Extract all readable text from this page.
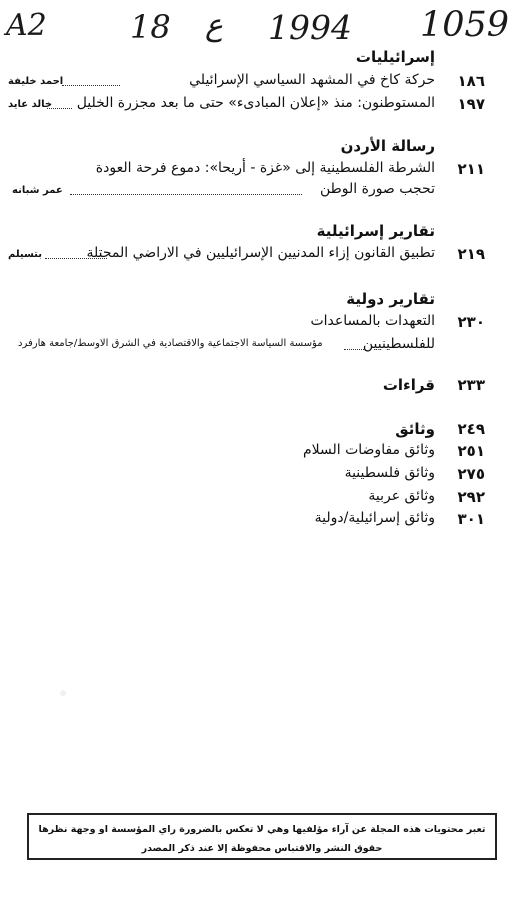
A2	18 ع 1994 1059
إسرائيليات
١٨٦
حركة كاخ في المشهد السياسي الإسرائيلي
احمد خليفة
١٩٧
المستوطنون: منذ «إعلان المبادىء» حتى ما بعد مجزرة الخليل
خالد عايد
رسالة الأردن
٢١١
الشرطة الفلسطينية إلى «غزة - أريحا»: دموع فرحة العودة
تحجب صورة الوطن
عمر شبانه
تقارير إسرائيلية
٢١٩
تطبيق القانون إزاء المدنيين الإسرائيليين في الاراضي المحتلة
بتسيلم
تقارير دولية
٢٣٠
التعهدات بالمساعدات
للفلسطينيين
مؤسسة السياسة الاجتماعية والاقتصادية في الشرق الاوسط/جامعة هارفرد
٢٣٣
قراءات
٢٤٩
وثائق
٢٥١
وثائق مفاوضات السلام
٢٧٥
وثائق فلسطينية
٢٩٢
وثائق عربية
٣٠١
وثائق إسرائيلية/دولية
تعبر محتويات هذه المجلة عن آراء مؤلفيها وهي لا تعكس بالضرورة راي المؤسسة او وجهة نظرها
حقوق النشر والاقتباس محفوظة إلا عند ذكر المصدر
